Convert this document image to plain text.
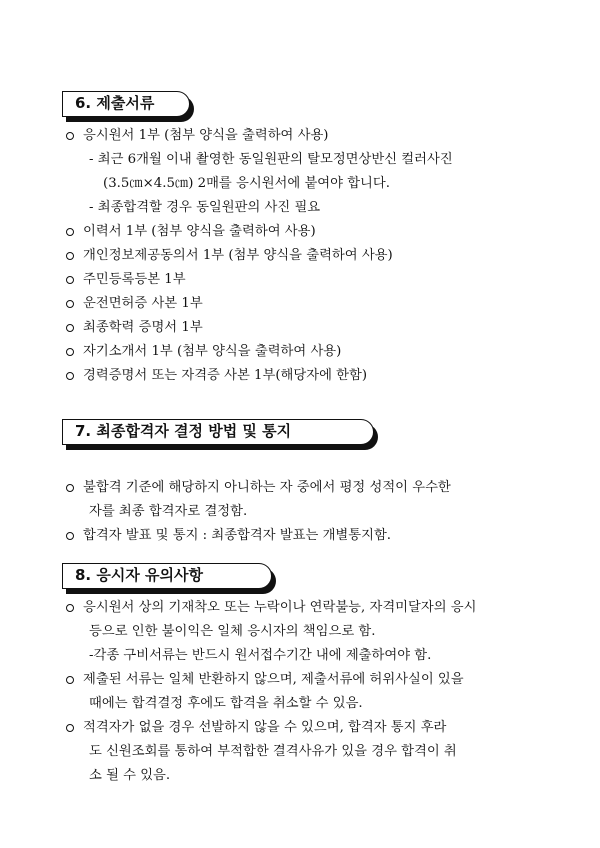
6. 제출서류
응시원서 1부 (첨부 양식을 출력하여 사용)
- 최근 6개월 이내 촬영한 동일원판의 탈모정면상반신 컬러사진
(3.5㎝×4.5㎝) 2매를 응시원서에 붙여야 합니다.
- 최종합격할 경우 동일원판의 사진 필요
이력서 1부 (첨부 양식을 출력하여 사용)
개인정보제공동의서 1부 (첨부 양식을 출력하여 사용)
주민등록등본 1부
운전면허증 사본 1부
최종학력 증명서 1부
자기소개서 1부 (첨부 양식을 출력하여 사용)
경력증명서 또는 자격증 사본 1부(해당자에 한함)
7. 최종합격자 결정 방법 및 통지
불합격 기준에 해당하지 아니하는 자 중에서 평정 성적이 우수한
자를 최종 합격자로 결정함.
합격자 발표 및 통지 : 최종합격자 발표는 개별통지함.
8. 응시자 유의사항
응시원서 상의 기재착오 또는 누락이나 연락불능, 자격미달자의 응시
등으로 인한 불이익은 일체 응시자의 책임으로 함.
-각종 구비서류는 반드시 원서접수기간 내에 제출하여야 함.
제출된 서류는 일체 반환하지 않으며, 제출서류에 허위사실이 있을
때에는 합격결정 후에도 합격을 취소할 수 있음.
적격자가 없을 경우 선발하지 않을 수 있으며, 합격자 통지 후라
도 신원조회를 통하여 부적합한 결격사유가 있을 경우 합격이 취
소 될 수 있음.
